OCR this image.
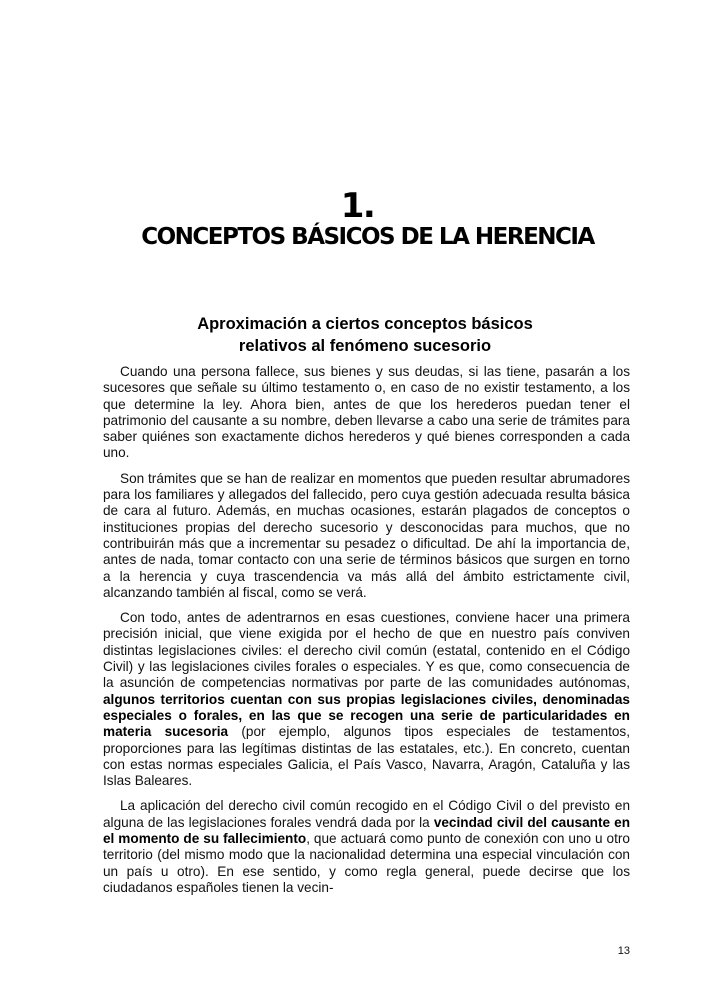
1.
CONCEPTOS BÁSICOS DE LA HERENCIA
Aproximación a ciertos conceptos básicos
relativos al fenómeno sucesorio

Cuando una persona fallece, sus bienes y sus deudas, si las tiene, pasarán a los sucesores que señale su último testamento o, en caso de no existir testamento, a los que determine la ley. Ahora bien, antes de que los herederos puedan tener el patrimonio del causante a su nombre, deben llevarse a cabo una serie de trámites para saber quiénes son exactamente dichos herederos y qué bienes corresponden a cada uno.

Son trámites que se han de realizar en momentos que pueden resultar abrumadores para los familiares y allegados del fallecido, pero cuya gestión adecuada resulta básica de cara al futuro. Además, en muchas ocasiones, estarán plagados de conceptos o instituciones propias del derecho sucesorio y desconocidas para muchos, que no contribuirán más que a incrementar su pesadez o dificultad. De ahí la importancia de, antes de nada, tomar contacto con una serie de términos básicos que surgen en torno a la herencia y cuya trascendencia va más allá del ámbito estrictamente civil, alcanzando también al fiscal, como se verá.

Con todo, antes de adentrarnos en esas cuestiones, conviene hacer una primera precisión inicial, que viene exigida por el hecho de que en nuestro país conviven distintas legislaciones civiles: el derecho civil común (estatal, contenido en el Código Civil) y las legislaciones civiles forales o especiales. Y es que, como consecuencia de la asunción de competencias normativas por parte de las comunidades autónomas, algunos territorios cuentan con sus propias legislaciones civiles, denominadas especiales o forales, en las que se recogen una serie de particularidades en materia sucesoria (por ejemplo, algunos tipos especiales de testamentos, proporciones para las legítimas distintas de las estatales, etc.). En concreto, cuentan con estas normas especiales Galicia, el País Vasco, Navarra, Aragón, Cataluña y las Islas Baleares.

La aplicación del derecho civil común recogido en el Código Civil o del previsto en alguna de las legislaciones forales vendrá dada por la vecindad civil del causante en el momento de su fallecimiento, que actuará como punto de conexión con uno u otro territorio (del mismo modo que la nacionalidad determina una especial vinculación con un país u otro). En ese sentido, y como regla general, puede decirse que los ciudadanos españoles tienen la vecin-

13
